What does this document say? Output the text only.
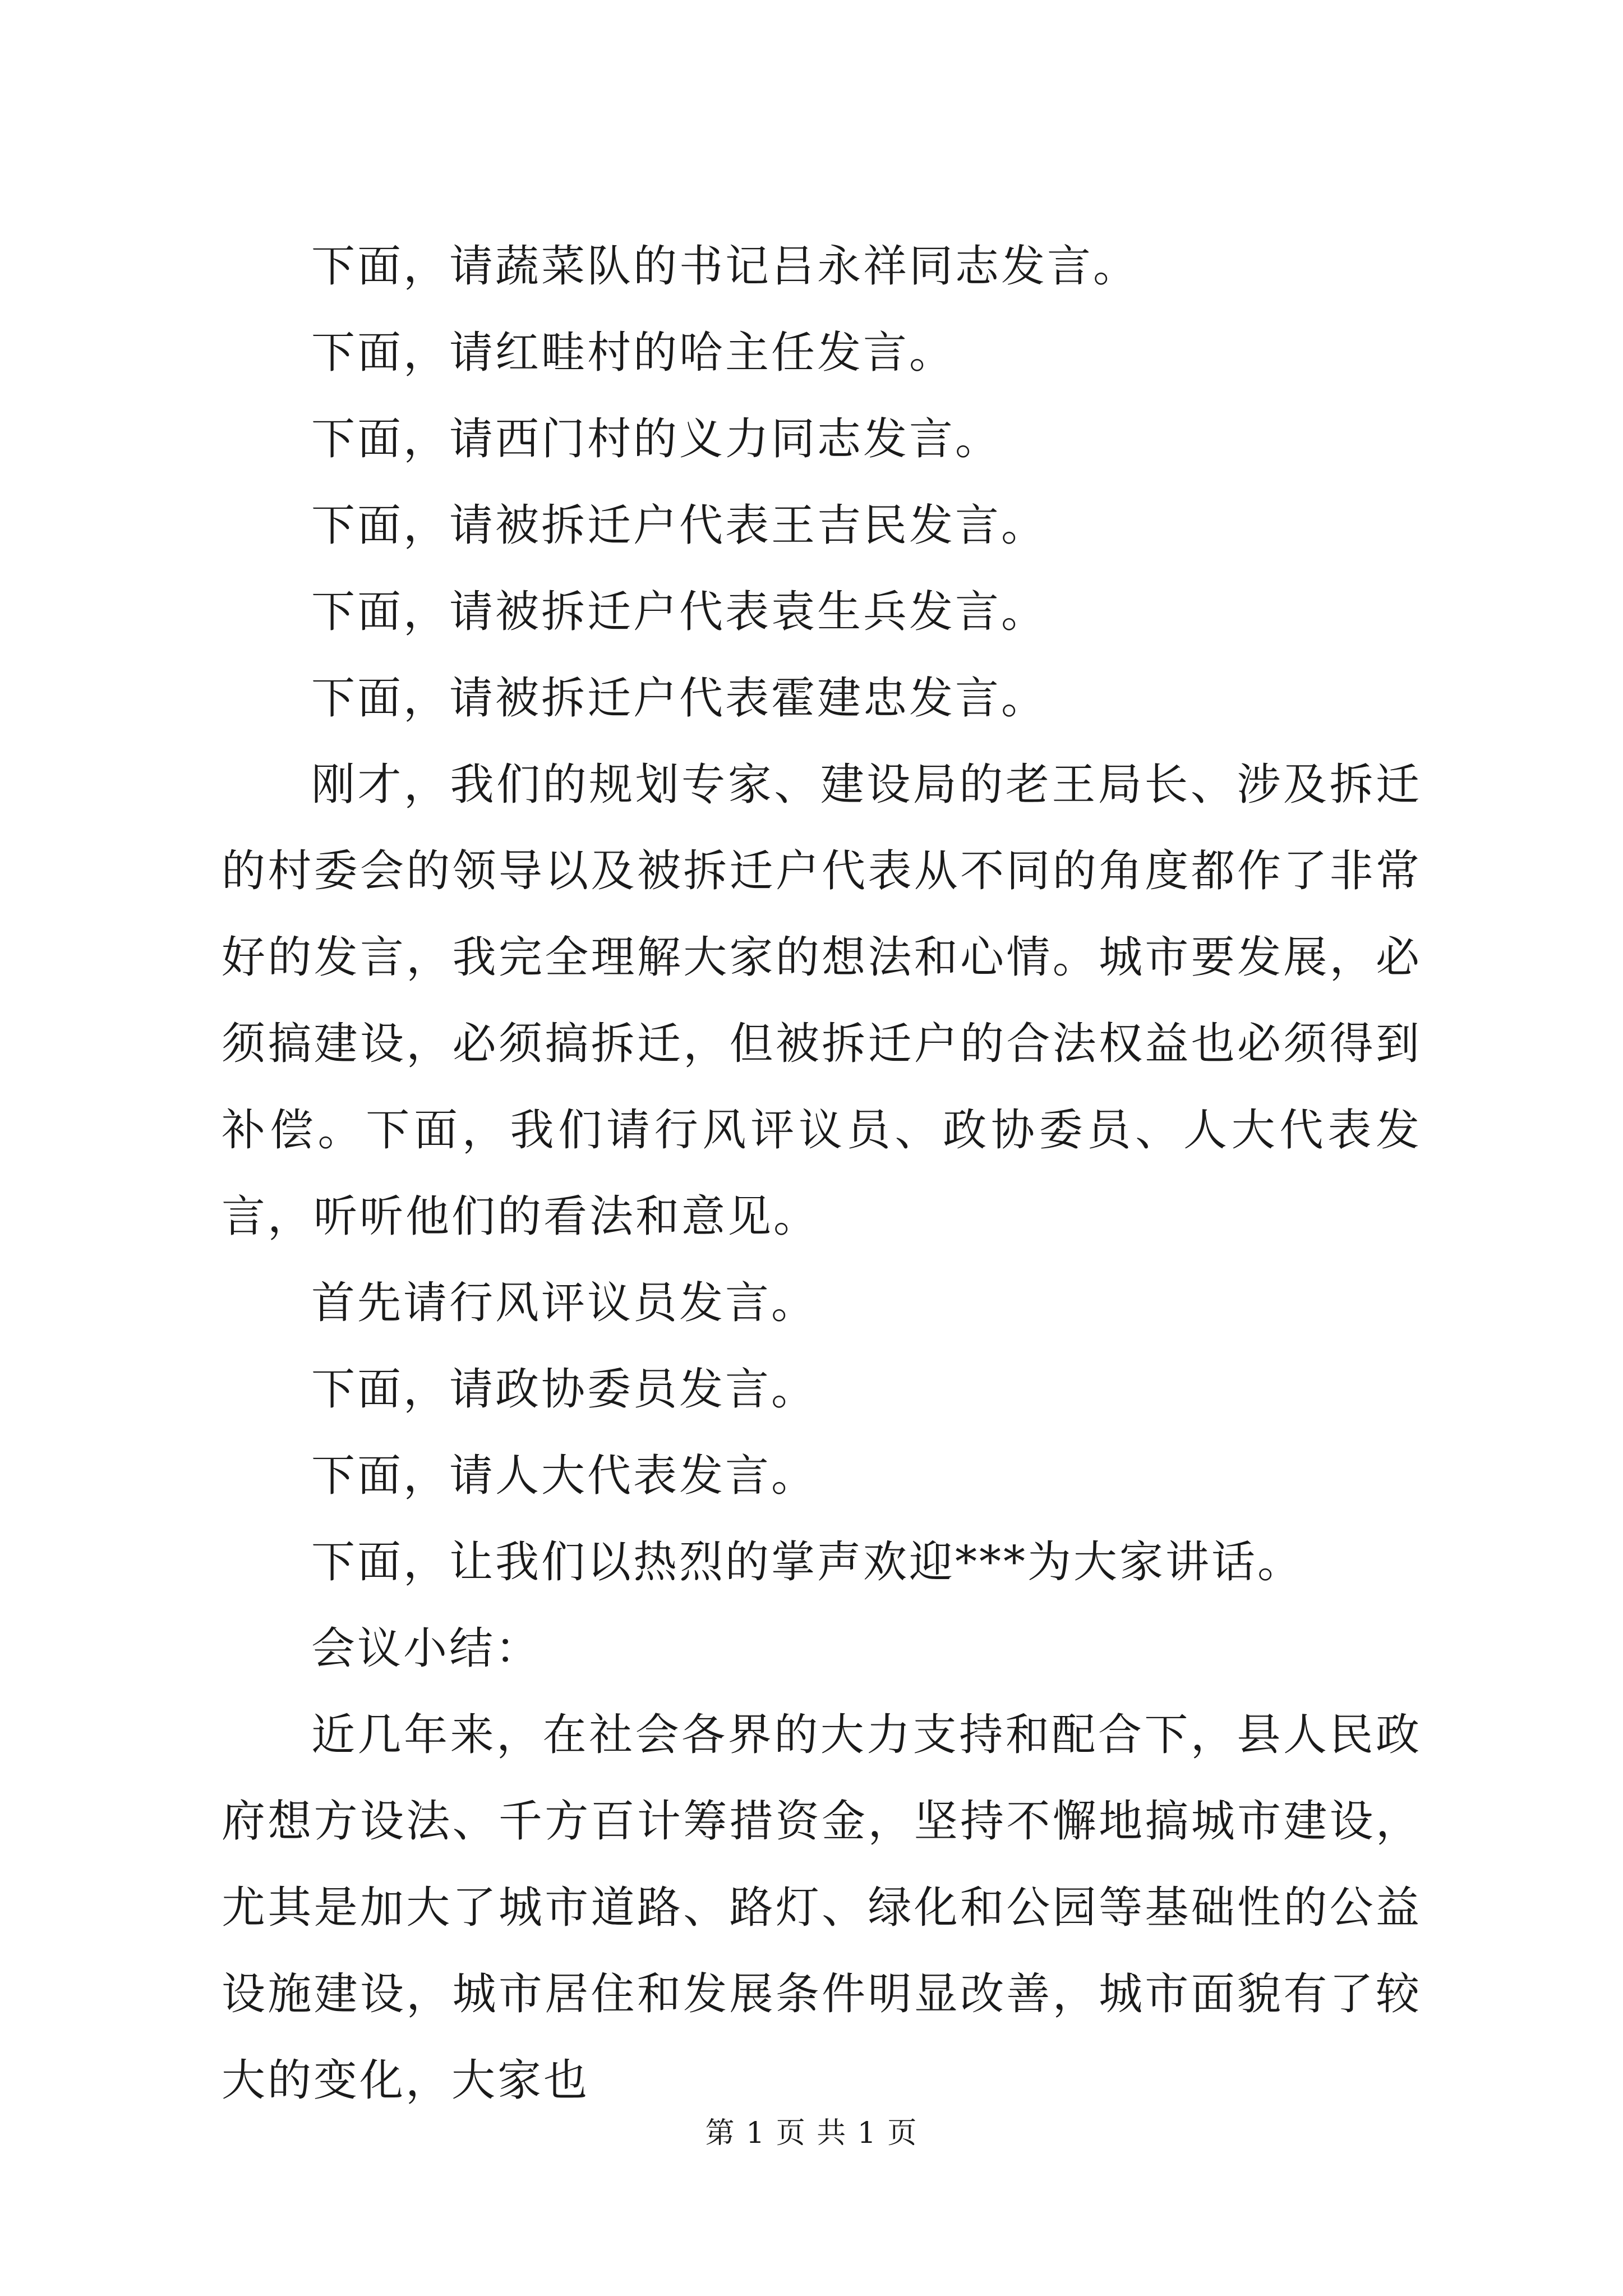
下面，请蔬菜队的书记吕永祥同志发言。

下面，请红畦村的哈主任发言。

下面，请西门村的义力同志发言。

下面，请被拆迁户代表王吉民发言。

下面，请被拆迁户代表袁生兵发言。

下面，请被拆迁户代表霍建忠发言。

刚才，我们的规划专家、建设局的老王局长、涉及拆迁的村委会的领导以及被拆迁户代表从不同的角度都作了非常好的发言，我完全理解大家的想法和心情。城市要发展，必须搞建设，必须搞拆迁，但被拆迁户的合法权益也必须得到补偿。下面，我们请行风评议员、政协委员、人大代表发言，听听他们的看法和意见。

首先请行风评议员发言。

下面，请政协委员发言。

下面，请人大代表发言。

下面，让我们以热烈的掌声欢迎***为大家讲话。

会议小结：

近几年来，在社会各界的大力支持和配合下，县人民政府想方设法、千方百计筹措资金，坚持不懈地搞城市建设，尤其是加大了城市道路、路灯、绿化和公园等基础性的公益设施建设，城市居住和发展条件明显改善，城市面貌有了较大的变化，大家也

第 1 页 共 1 页
